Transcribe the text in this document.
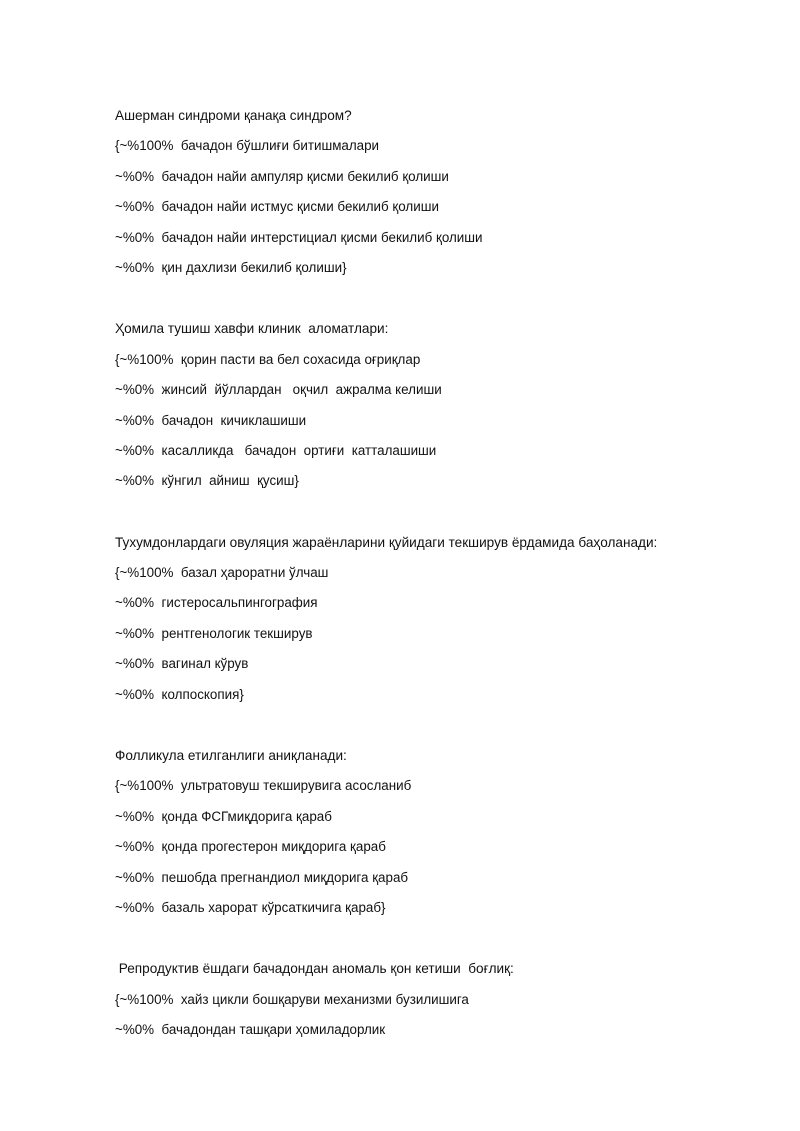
Ашерман синдроми қанақа синдром?
{~%100%  бачадон бўшлиғи битишмалари
~%0%  бачадон найи ампуляр қисми бекилиб қолиши
~%0%  бачадон найи истмус қисми бекилиб қолиши
~%0%  бачадон найи интерстициал қисми бекилиб қолиши
~%0%  қин дахлизи бекилиб қолиши}
Ҳомила тушиш хавфи клиник  аломатлари:
{~%100%  қорин пасти ва бел сохасида оғриқлар
~%0%  жинсий  йўллардан   оқчил  ажралма келиши
~%0%  бачадон  кичиклашиши
~%0%  касалликда   бачадон  ортиғи  катталашиши
~%0%  кўнгил  айниш  қусиш}
Тухумдонлардаги овуляция жараёнларини қуйидаги текширув ёрдамида баҳоланади:
{~%100%  базал ҳароратни ўлчаш
~%0%  гистеросальпингография
~%0%  рентгенологик текширув
~%0%  вагинал кўрув
~%0%  колпоскопия}
Фолликула етилганлиги аниқланади:
{~%100%  ультратовуш текширувига асосланиб
~%0%  қонда ФСГмиқдорига қараб
~%0%  қонда прогестерон миқдорига қараб
~%0%  пешобда прегнандиол миқдорига қараб
~%0%  базаль харорат кўрсаткичига қараб}
Репродуктив ёшдаги бачадондан аномаль қон кетиши  боғлиқ:
{~%100%  хайз цикли бошқаруви механизми бузилишига
~%0%  бачадондан ташқари ҳомиладорлик
